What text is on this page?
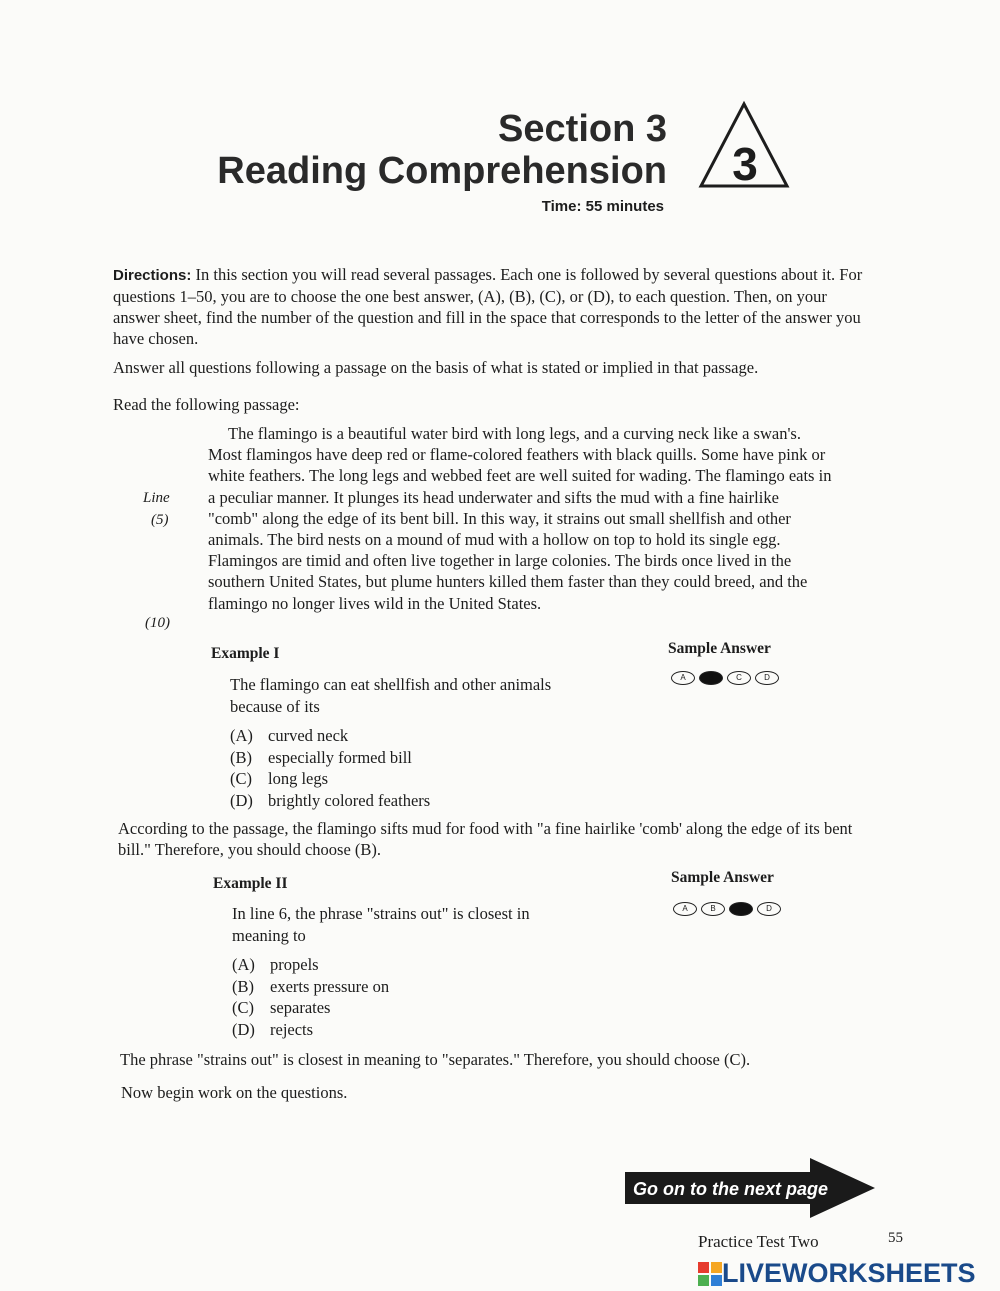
Section 3
Reading Comprehension
Time: 55 minutes
3
Directions: In this section you will read several passages. Each one is followed by several questions about it. For questions 1–50, you are to choose the one best answer, (A), (B), (C), or (D), to each question. Then, on your answer sheet, find the number of the question and fill in the space that corresponds to the letter of the answer you have chosen.
Answer all questions following a passage on the basis of what is stated or implied in that passage.
Read the following passage:
The flamingo is a beautiful water bird with long legs, and a curving neck like a swan's. Most flamingos have deep red or flame-colored feathers with black quills. Some have pink or white feathers. The long legs and webbed feet are well suited for wading. The flamingo eats in a peculiar manner. It plunges its head underwater and sifts the mud with a fine hairlike "comb" along the edge of its bent bill. In this way, it strains out small shellfish and other animals. The bird nests on a mound of mud with a hollow on top to hold its single egg. Flamingos are timid and often live together in large colonies. The birds once lived in the southern United States, but plume hunters killed them faster than they could breed, and the flamingo no longer lives wild in the United States.
Line
(5)
(10)
Example I	Sample Answer
A	B	C	D
The flamingo can eat shellfish and other animals because of its
(A) curved neck
(B) especially formed bill
(C) long legs
(D) brightly colored feathers
According to the passage, the flamingo sifts mud for food with "a fine hairlike 'comb' along the edge of its bent bill." Therefore, you should choose (B).
Example II	Sample Answer
A	B	C	D
In line 6, the phrase "strains out" is closest in meaning to
(A) propels
(B) exerts pressure on
(C) separates
(D) rejects
The phrase "strains out" is closest in meaning to "separates." Therefore, you should choose (C).
Now begin work on the questions.
Go on to the next page
Practice Test Two	55
LIVEWORKSHEETS
